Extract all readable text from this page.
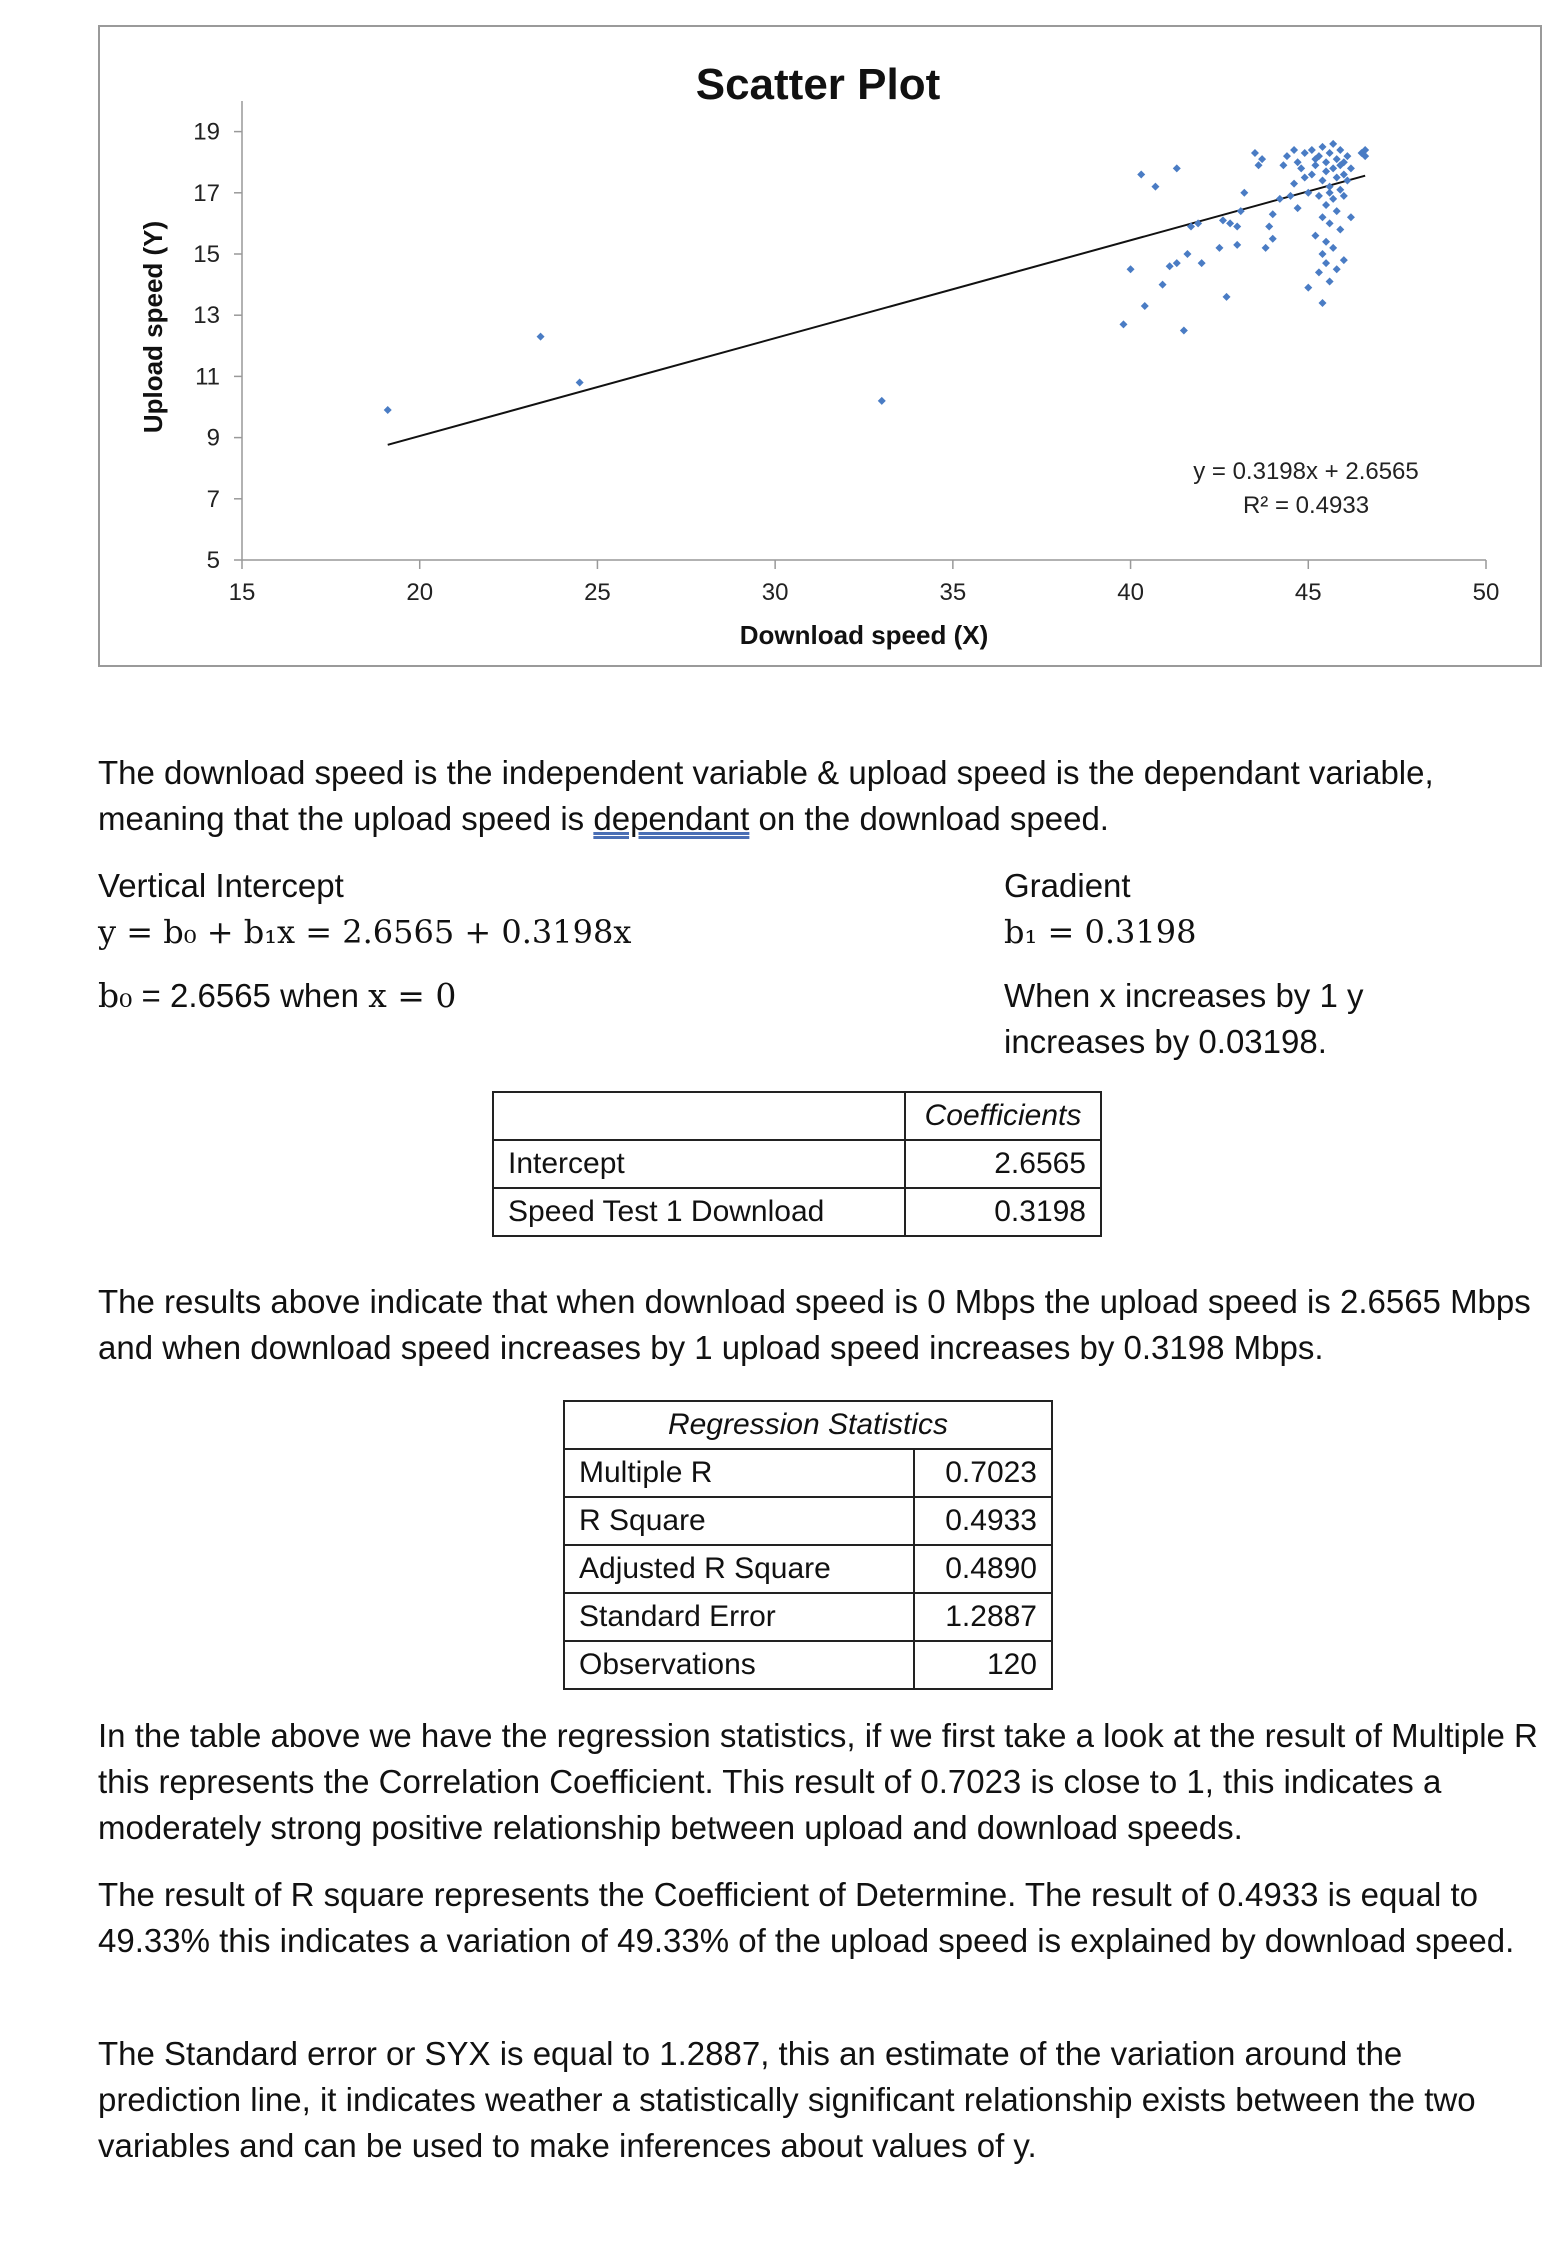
5
7
9
11
13
15
17
19
15	20	25	30	35	40	45	50
Scatter Plot
Download speed (X)
Upload speed (Y)
y = 0.3198x + 2.6565
R² = 0.4933

The download speed is the independent variable & upload speed is the dependant variable, meaning that the upload speed is dependant on the download speed.

Vertical Intercept

y = b₀ + b₁x = 2.6565 + 0.3198x

b₀ = 2.6565 when x = 0

Gradient

b₁ = 0.3198

When x increases by 1 y increases by 0.03198.

	Coefficients
Intercept	2.6565
Speed Test 1 Download	0.3198

The results above indicate that when download speed is 0 Mbps the upload speed is 2.6565 Mbps and when download speed increases by 1 upload speed increases by 0.3198 Mbps.

Regression Statistics	
Multiple R	0.7023
R Square	0.4933
Adjusted R Square	0.4890
Standard Error	1.2887
Observations	120

In the table above we have the regression statistics, if we first take a look at the result of Multiple R this represents the Correlation Coefficient. This result of 0.7023 is close to 1, this indicates a moderately strong positive relationship between upload and download speeds.

The result of R square represents the Coefficient of Determine. The result of 0.4933 is equal to 49.33% this indicates a variation of 49.33% of the upload speed is explained by download speed.

The Standard error or SYX is equal to 1.2887, this an estimate of the variation around the prediction line, it indicates weather a statistically significant relationship exists between the two variables and can be used to make inferences about values of y.
